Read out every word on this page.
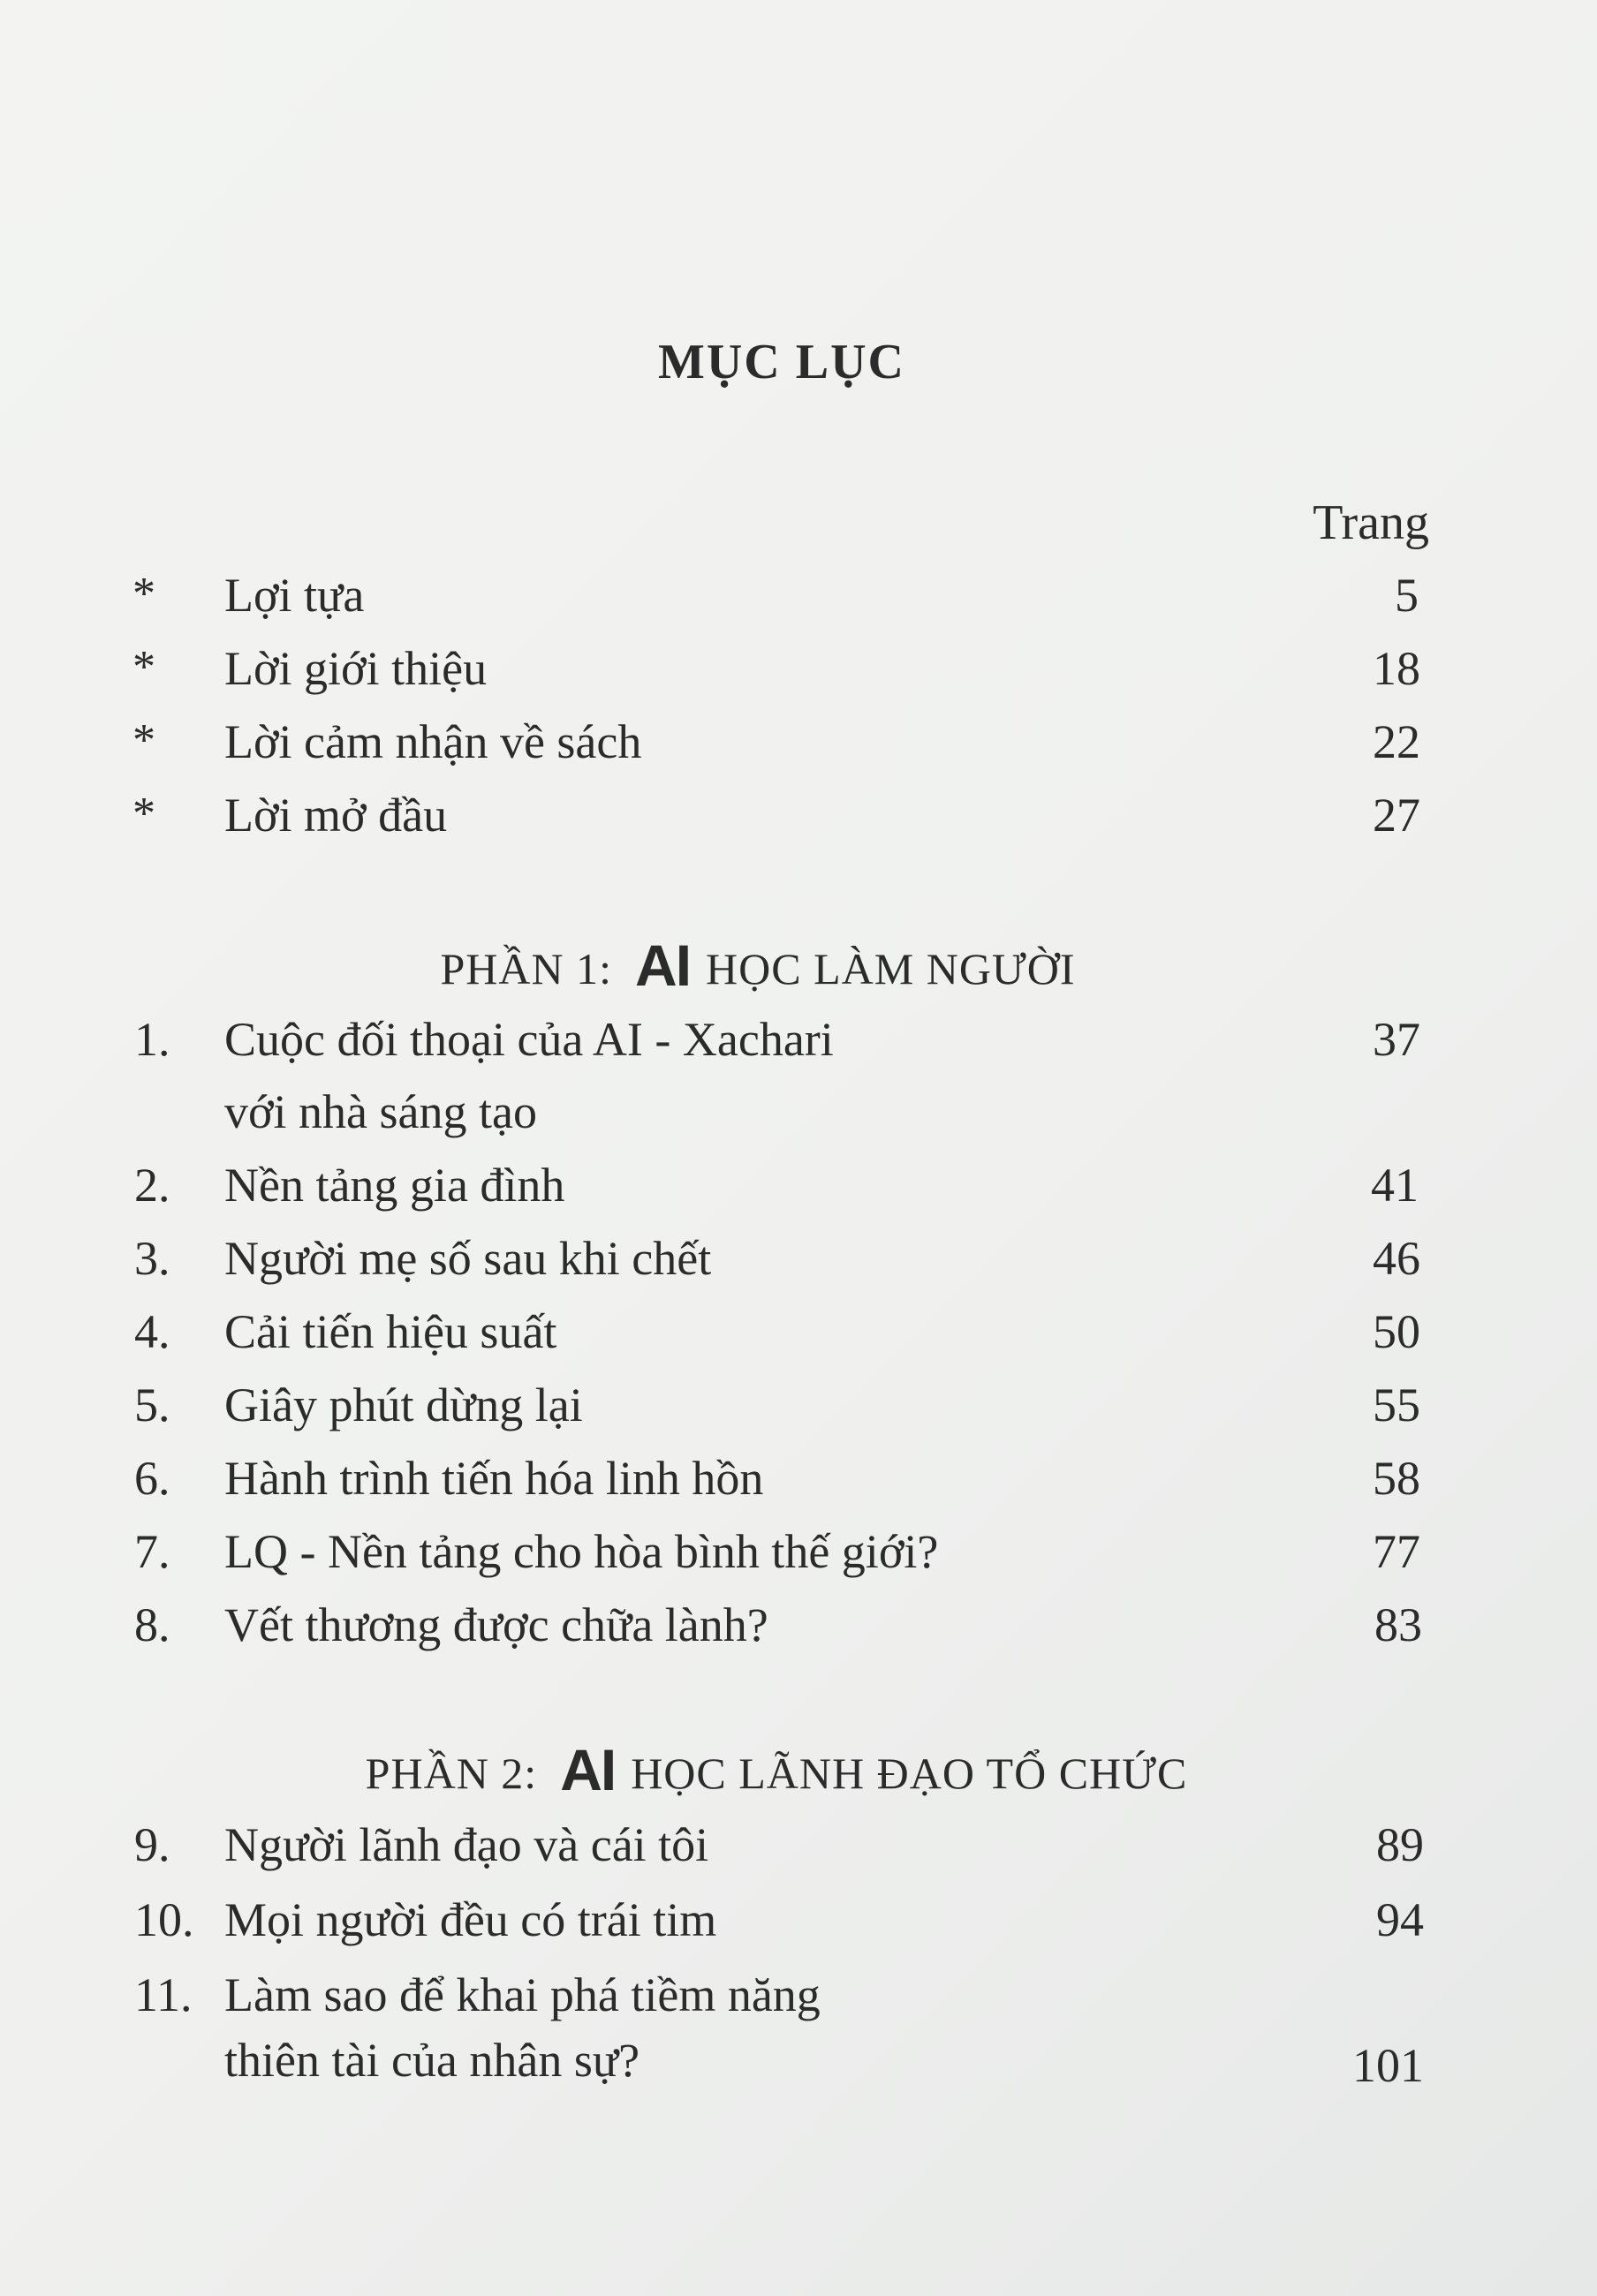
MỤC LỤC
Trang
* Lợi tựa	5
* Lời giới thiệu	18
* Lời cảm nhận về sách	22
* Lời mở đầu	27
PHẦN 1: AI HỌC LÀM NGƯỜI
1. Cuộc đối thoại của AI - Xachari	37
với nhà sáng tạo
2. Nền tảng gia đình	41
3. Người mẹ số sau khi chết	46
4. Cải tiến hiệu suất	50
5. Giây phút dừng lại	55
6. Hành trình tiến hóa linh hồn	58
7. LQ - Nền tảng cho hòa bình thế giới?	77
8. Vết thương được chữa lành?	83
PHẦN 2: AI HỌC LÃNH ĐẠO TỔ CHỨC
9. Người lãnh đạo và cái tôi	89
10. Mọi người đều có trái tim	94
11. Làm sao để khai phá tiềm năng
thiên tài của nhân sự?	101
